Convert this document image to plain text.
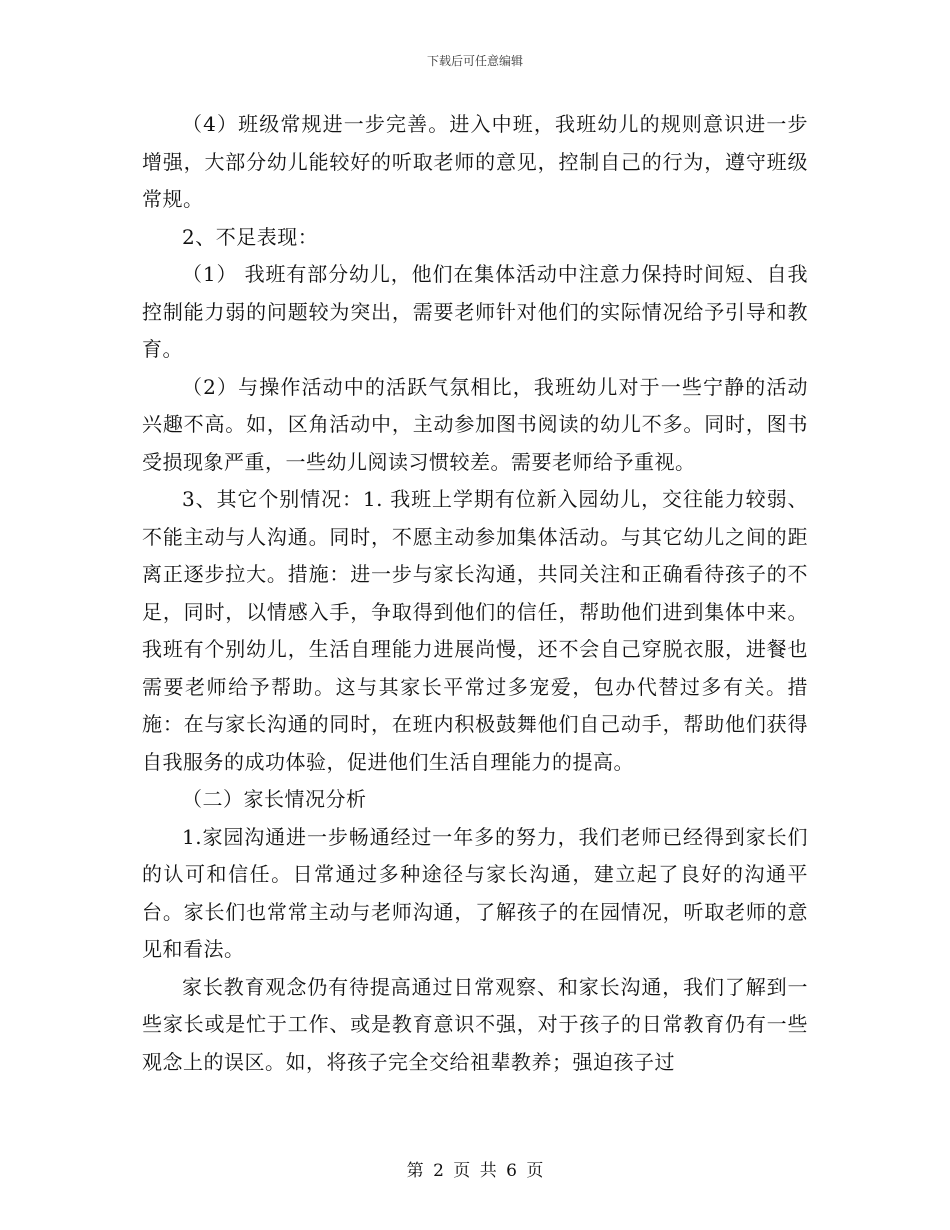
下载后可任意编辑

（4）班级常规进一步完善。进入中班，我班幼儿的规则意识进一步增强，大部分幼儿能较好的听取老师的意见，控制自己的行为，遵守班级常规。

2、不足表现：

（1） 我班有部分幼儿，他们在集体活动中注意力保持时间短、自我控制能力弱的问题较为突出，需要老师针对他们的实际情况给予引导和教育。

（2）与操作活动中的活跃气氛相比，我班幼儿对于一些宁静的活动兴趣不高。如，区角活动中，主动参加图书阅读的幼儿不多。同时，图书受损现象严重，一些幼儿阅读习惯较差。需要老师给予重视。

3、其它个别情况：1. 我班上学期有位新入园幼儿，交往能力较弱、不能主动与人沟通。同时，不愿主动参加集体活动。与其它幼儿之间的距离正逐步拉大。措施：进一步与家长沟通，共同关注和正确看待孩子的不足，同时，以情感入手，争取得到他们的信任，帮助他们进到集体中来。我班有个别幼儿，生活自理能力进展尚慢，还不会自己穿脱衣服，进餐也需要老师给予帮助。这与其家长平常过多宠爱，包办代替过多有关。措施：在与家长沟通的同时，在班内积极鼓舞他们自己动手，帮助他们获得自我服务的成功体验，促进他们生活自理能力的提高。

（二）家长情况分析

1.家园沟通进一步畅通经过一年多的努力，我们老师已经得到家长们的认可和信任。日常通过多种途径与家长沟通，建立起了良好的沟通平台。家长们也常常主动与老师沟通，了解孩子的在园情况，听取老师的意见和看法。

家长教育观念仍有待提高通过日常观察、和家长沟通，我们了解到一些家长或是忙于工作、或是教育意识不强，对于孩子的日常教育仍有一些观念上的误区。如，将孩子完全交给祖辈教养；强迫孩子过

第 2 页 共 6 页
